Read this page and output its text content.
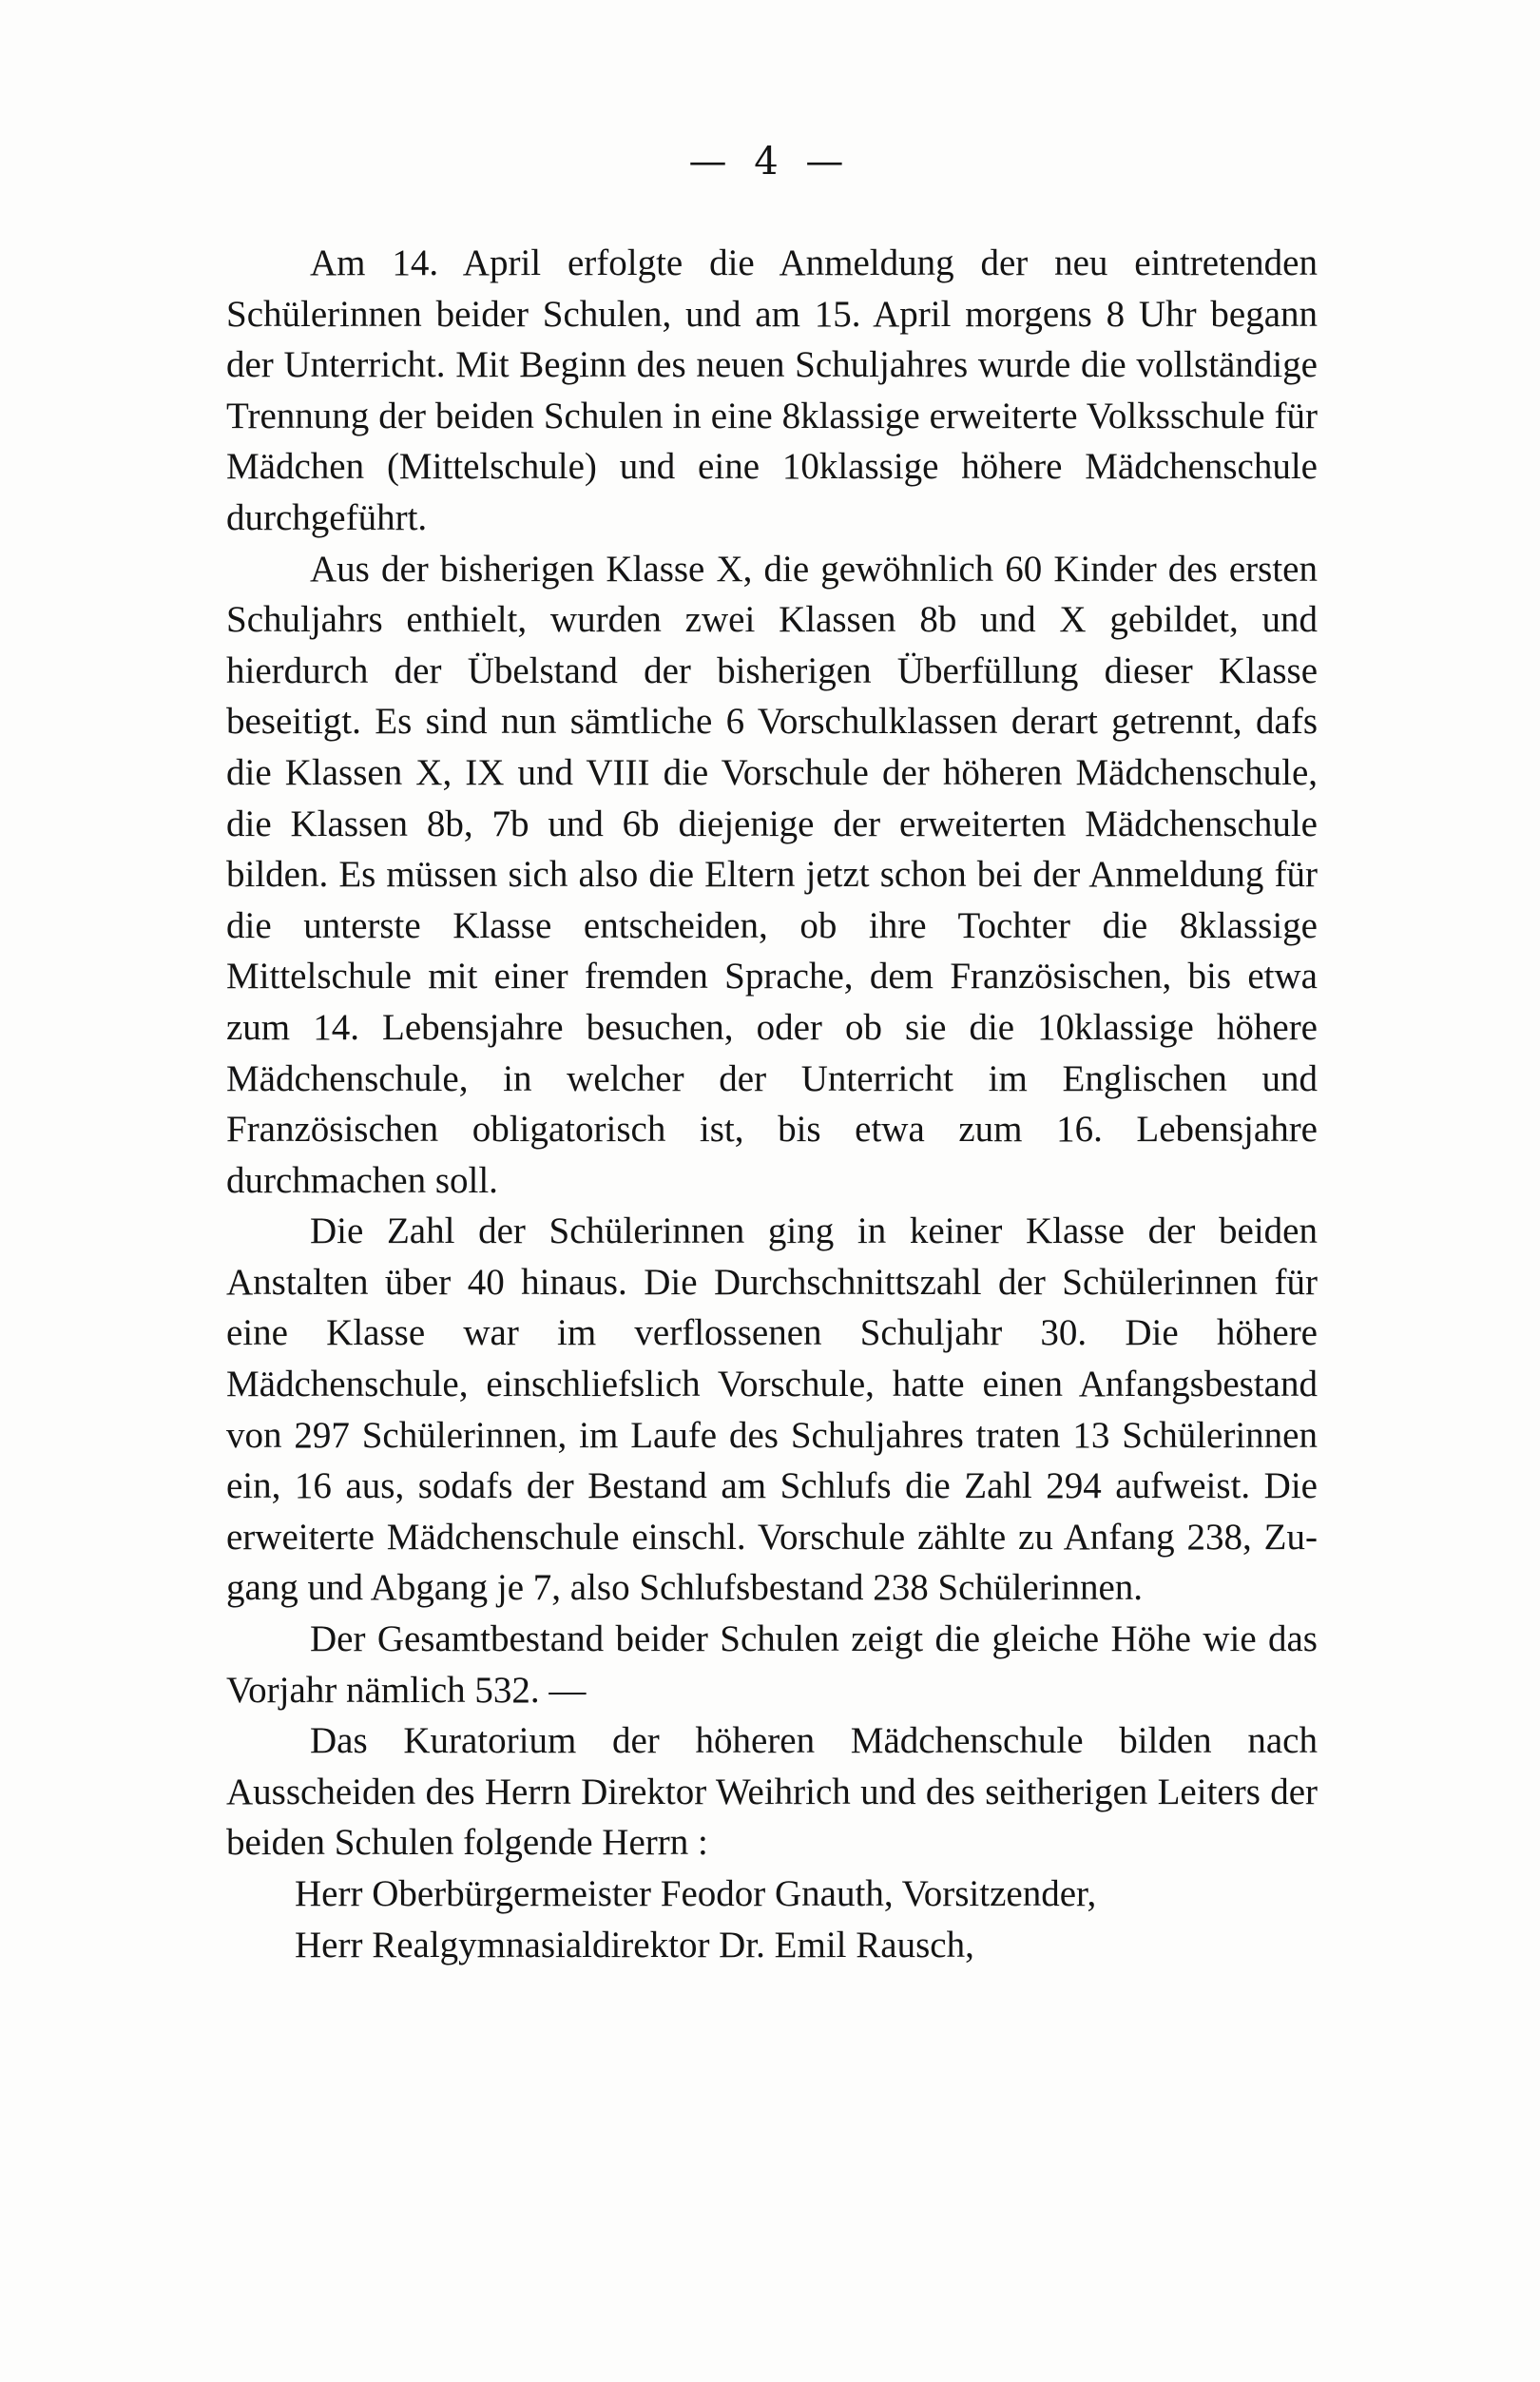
— 4 —

Am 14. April erfolgte die Anmeldung der neu eintretenden Schülerinnen beider Schulen, und am 15. April morgens 8 Uhr begann der Unterricht. Mit Beginn des neuen Schuljahres wurde die vollständige Trennung der beiden Schulen in eine 8klassige erweiterte Volksschule für Mädchen (Mittelschule) und eine 10klassige höhere Mädchenschule durchgeführt.

Aus der bisherigen Klasse X, die gewöhnlich 60 Kinder des ersten Schuljahrs enthielt, wurden zwei Klassen 8b und X gebildet, und hierdurch der Übelstand der bisherigen Überfüllung dieser Klasse beseitigt. Es sind nun sämtliche 6 Vorschulklassen derart getrennt, dafs die Klassen X, IX und VIII die Vorschule der höheren Mädchenschule, die Klassen 8b, 7b und 6b diejenige der erweiterten Mädchenschule bilden. Es müssen sich also die Eltern jetzt schon bei der Anmeldung für die unterste Klasse entscheiden, ob ihre Tochter die 8klassige Mittelschule mit einer fremden Sprache, dem Französischen, bis etwa zum 14. Lebensjahre besuchen, oder ob sie die 10klassige höhere Mädchenschule, in welcher der Unterricht im Englischen und Französischen obligatorisch ist, bis etwa zum 16. Lebensjahre durchmachen soll.

Die Zahl der Schülerinnen ging in keiner Klasse der beiden Anstalten über 40 hinaus. Die Durchschnittszahl der Schülerinnen für eine Klasse war im verflossenen Schuljahr 30. Die höhere Mädchenschule, einschliefslich Vorschule, hatte einen Anfangsbestand von 297 Schülerinnen, im Laufe des Schuljahres traten 13 Schülerinnen ein, 16 aus, sodafs der Bestand am Schlufs die Zahl 294 aufweist. Die erweiterte Mädchenschule einschl. Vorschule zählte zu Anfang 238, Zugang und Abgang je 7, also Schlufsbestand 238 Schülerinnen.

Der Gesamtbestand beider Schulen zeigt die gleiche Höhe wie das Vorjahr nämlich 532. —

Das Kuratorium der höheren Mädchenschule bilden nach Ausscheiden des Herrn Direktor Weihrich und des seitherigen Leiters der beiden Schulen folgende Herrn :

Herr Oberbürgermeister Feodor Gnauth, Vorsitzender,
Herr Realgymnasialdirektor Dr. Emil Rausch,
